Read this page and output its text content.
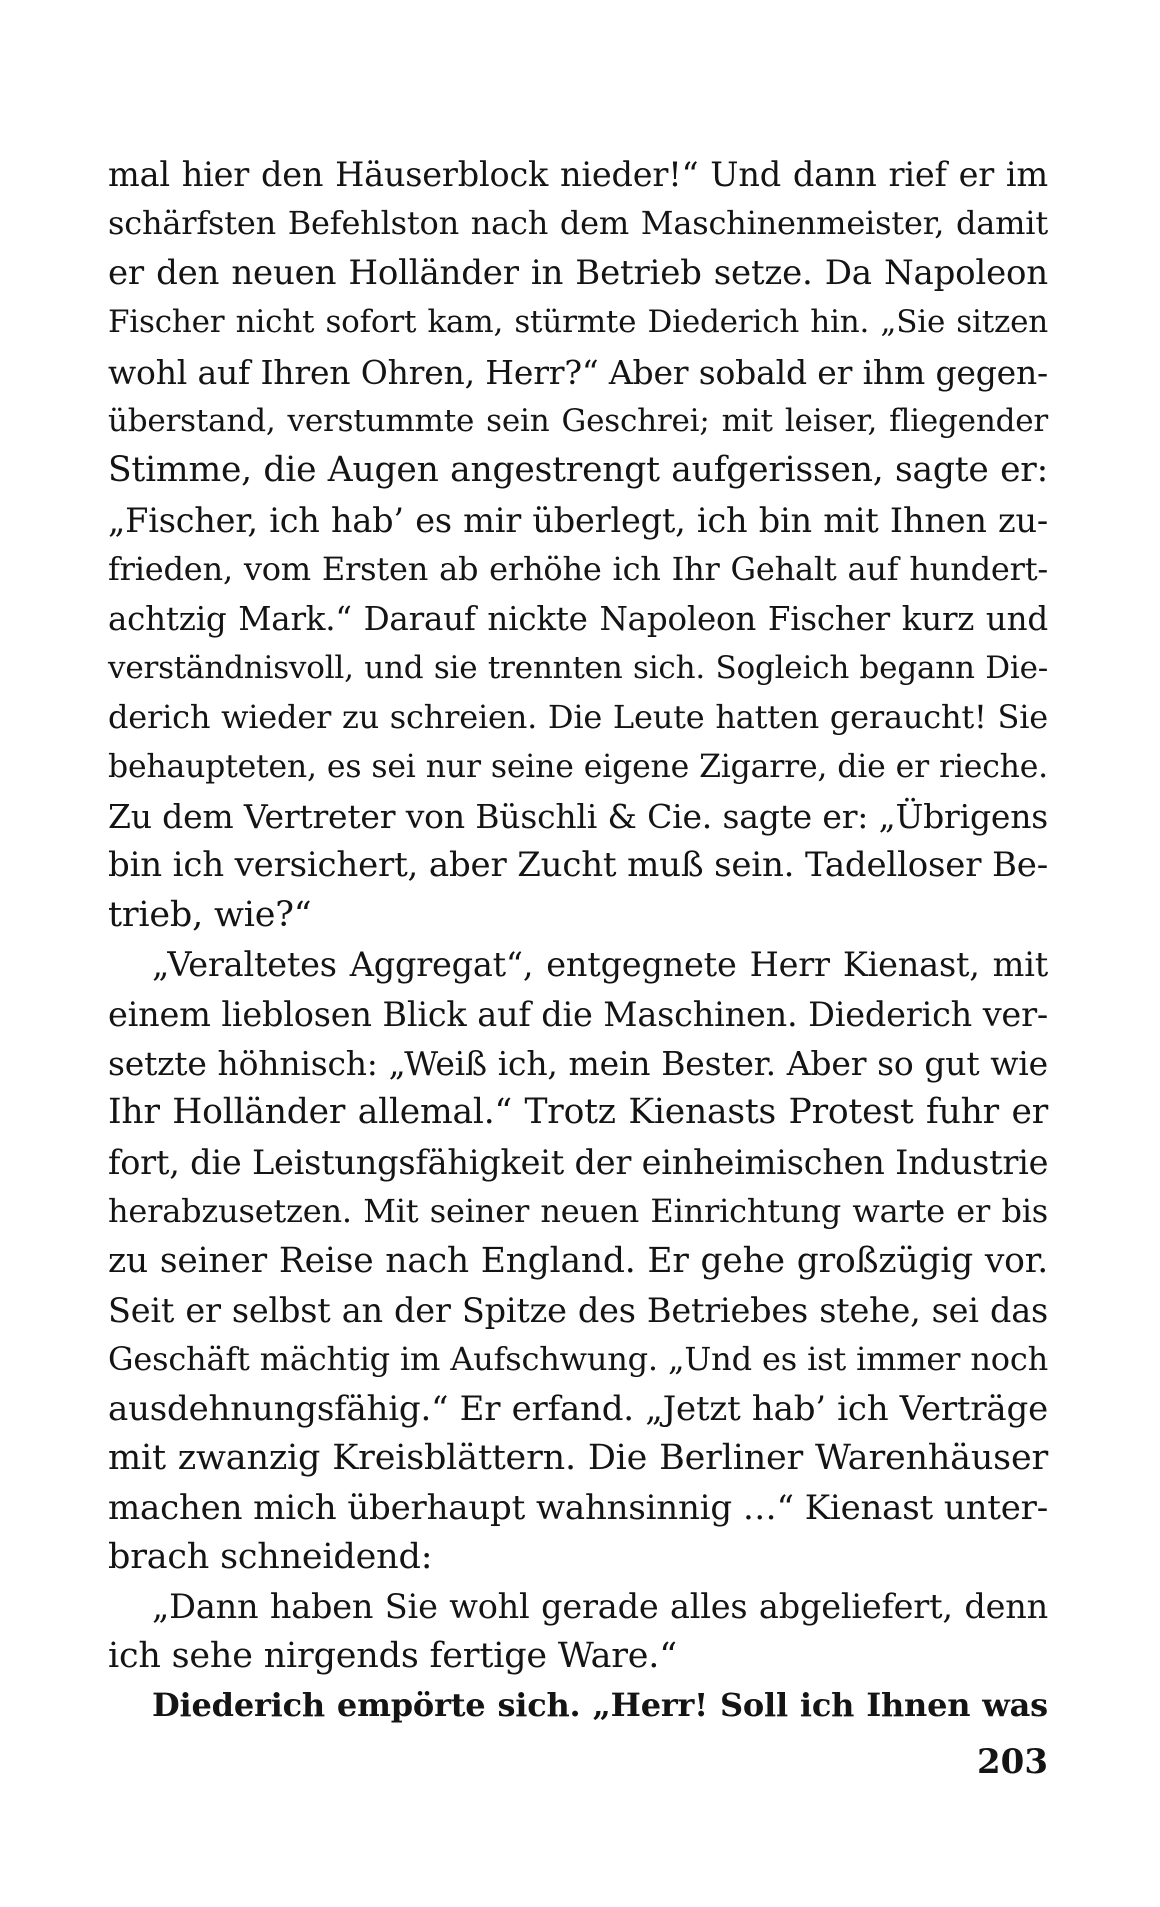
mal hier den Häuserblock nieder!“ Und dann rief er im
schärfsten Befehlston nach dem Maschinenmeister, damit
er den neuen Holländer in Betrieb setze. Da Napoleon
Fischer nicht sofort kam, stürmte Diederich hin. „Sie sitzen
wohl auf Ihren Ohren, Herr?“ Aber sobald er ihm gegen-
überstand, verstummte sein Geschrei; mit leiser, fliegender
Stimme, die Augen angestrengt aufgerissen, sagte er:
„Fischer, ich hab’ es mir überlegt, ich bin mit Ihnen zu-
frieden, vom Ersten ab erhöhe ich Ihr Gehalt auf hundert-
achtzig Mark.“ Darauf nickte Napoleon Fischer kurz und
verständnisvoll, und sie trennten sich. Sogleich begann Die-
derich wieder zu schreien. Die Leute hatten geraucht! Sie
behaupteten, es sei nur seine eigene Zigarre, die er rieche.
Zu dem Vertreter von Büschli & Cie. sagte er: „Übrigens
bin ich versichert, aber Zucht muß sein. Tadelloser Be-
trieb, wie?“
„Veraltetes Aggregat“, entgegnete Herr Kienast, mit
einem lieblosen Blick auf die Maschinen. Diederich ver-
setzte höhnisch: „Weiß ich, mein Bester. Aber so gut wie
Ihr Holländer allemal.“ Trotz Kienasts Protest fuhr er
fort, die Leistungsfähigkeit der einheimischen Industrie
herabzusetzen. Mit seiner neuen Einrichtung warte er bis
zu seiner Reise nach England. Er gehe großzügig vor.
Seit er selbst an der Spitze des Betriebes stehe, sei das
Geschäft mächtig im Aufschwung. „Und es ist immer noch
ausdehnungsfähig.“ Er erfand. „Jetzt hab’ ich Verträge
mit zwanzig Kreisblättern. Die Berliner Warenhäuser
machen mich überhaupt wahnsinnig …“ Kienast unter-
brach schneidend:
„Dann haben Sie wohl gerade alles abgeliefert, denn
ich sehe nirgends fertige Ware.“
Diederich empörte sich. „Herr! Soll ich Ihnen was
203
